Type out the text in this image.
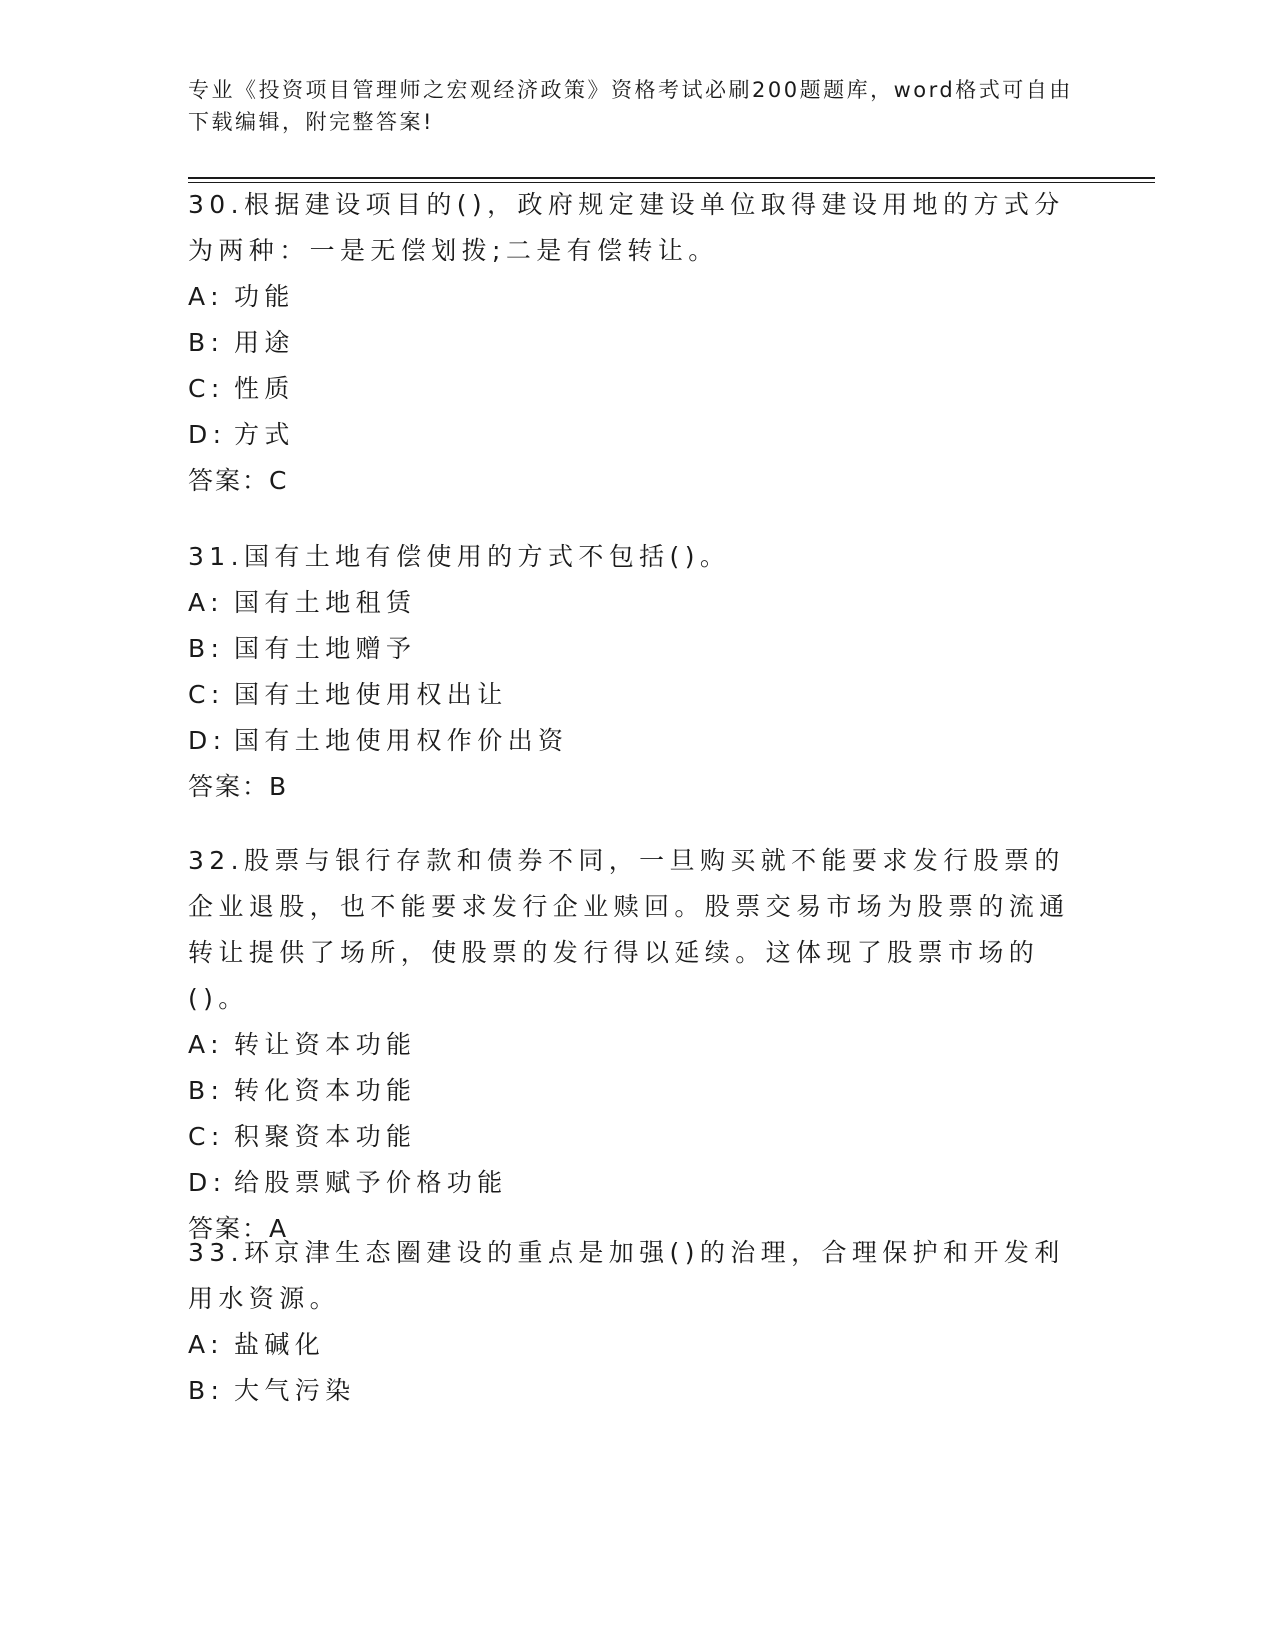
专业《投资项目管理师之宏观经济政策》资格考试必刷200题题库，word格式可自由下载编辑，附完整答案!

30.根据建设项目的()，政府规定建设单位取得建设用地的方式分为两种：一是无偿划拨;二是有偿转让。

A: 功能

B: 用途

C: 性质

D: 方式

答案：C

31.国有土地有偿使用的方式不包括()。

A: 国有土地租赁

B: 国有土地赠予

C: 国有土地使用权出让

D: 国有土地使用权作价出资

答案：B

32.股票与银行存款和债券不同，一旦购买就不能要求发行股票的企业退股，也不能要求发行企业赎回。股票交易市场为股票的流通转让提供了场所，使股票的发行得以延续。这体现了股票市场的()。

A: 转让资本功能

B: 转化资本功能

C: 积聚资本功能

D: 给股票赋予价格功能

答案：A

33.环京津生态圈建设的重点是加强()的治理，合理保护和开发利用水资源。

A: 盐碱化

B: 大气污染
